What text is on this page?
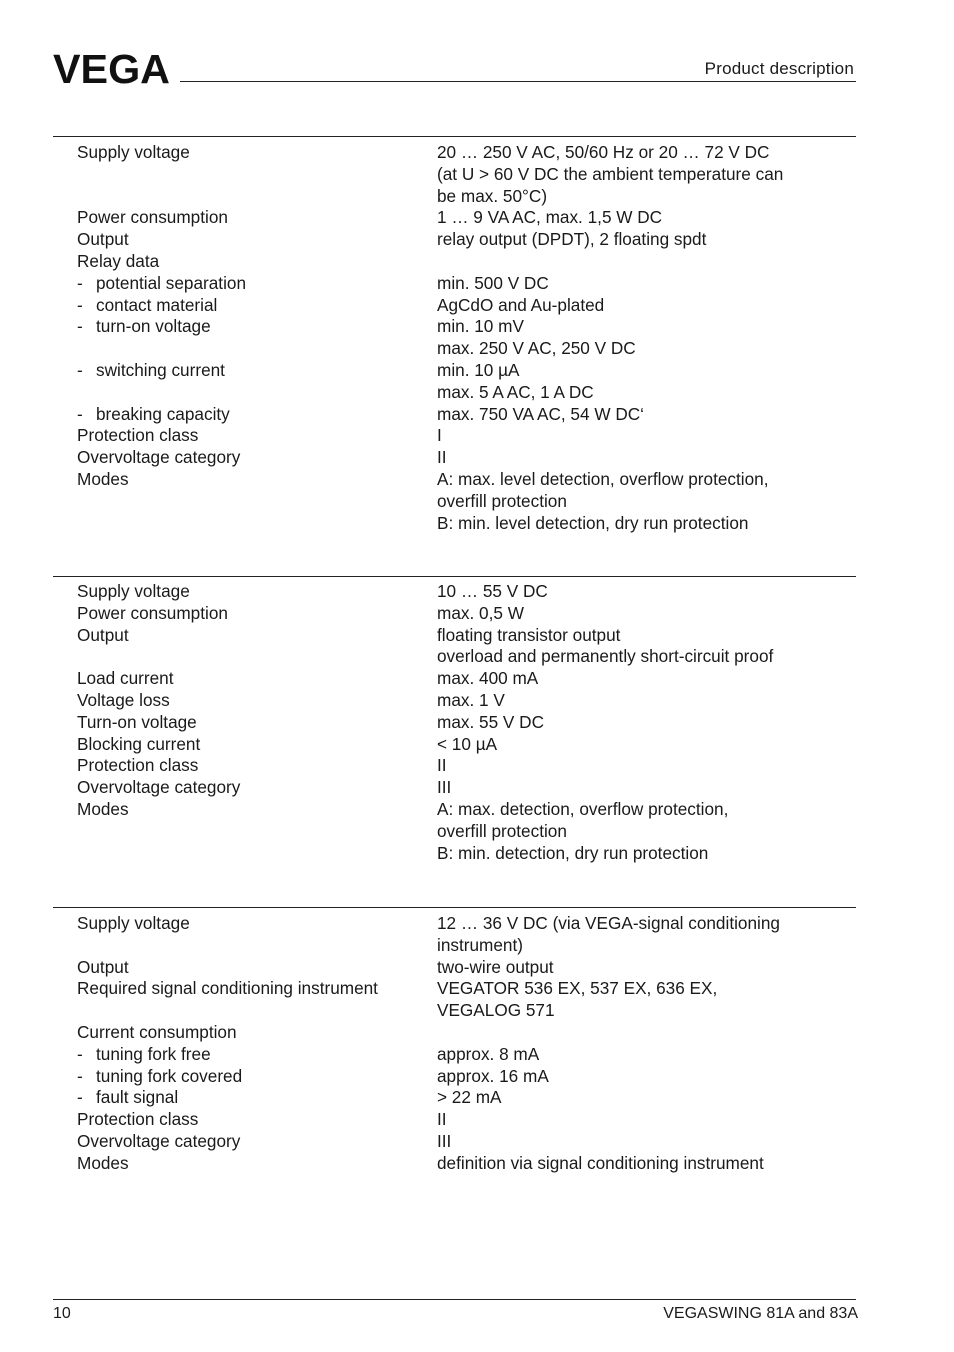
VEGA	Product description
Supply voltage	20 … 250 V AC, 50/60 Hz or 20 … 72 V DC
(at U > 60 V DC the ambient temperature can
be max. 50°C)
Power consumption	1 … 9 VA AC, max. 1,5 W DC
Output	relay output (DPDT), 2 floating spdt
Relay data
- potential separation	min. 500 V DC
- contact material	AgCdO and Au-plated
- turn-on voltage	min. 10 mV
max. 250 V AC, 250 V DC
- switching current	min. 10 µA
max. 5 A AC, 1 A DC
- breaking capacity	max. 750 VA AC, 54 W DC‘
Protection class	I
Overvoltage category	II
Modes	A: max. level detection, overflow protection,
overfill protection
B: min. level detection, dry run protection
Supply voltage	10 … 55 V DC
Power consumption	max. 0,5 W
Output	floating transistor output
overload and permanently short-circuit proof
Load current	max. 400 mA
Voltage loss	max. 1 V
Turn-on voltage	max. 55 V DC
Blocking current	< 10 µA
Protection class	II
Overvoltage category	III
Modes	A: max. detection, overflow protection,
overfill protection
B: min. detection, dry run protection
Supply voltage	12 … 36 V DC (via VEGA-signal conditioning
instrument)
Output	two-wire output
Required signal conditioning instrument	VEGATOR 536 EX, 537 EX, 636 EX,
VEGALOG 571
Current consumption
- tuning fork free	approx. 8 mA
- tuning fork covered	approx. 16 mA
- fault signal	> 22 mA
Protection class	II
Overvoltage category	III
Modes	definition via signal conditioning instrument
10	VEGASWING 81A and 83A
